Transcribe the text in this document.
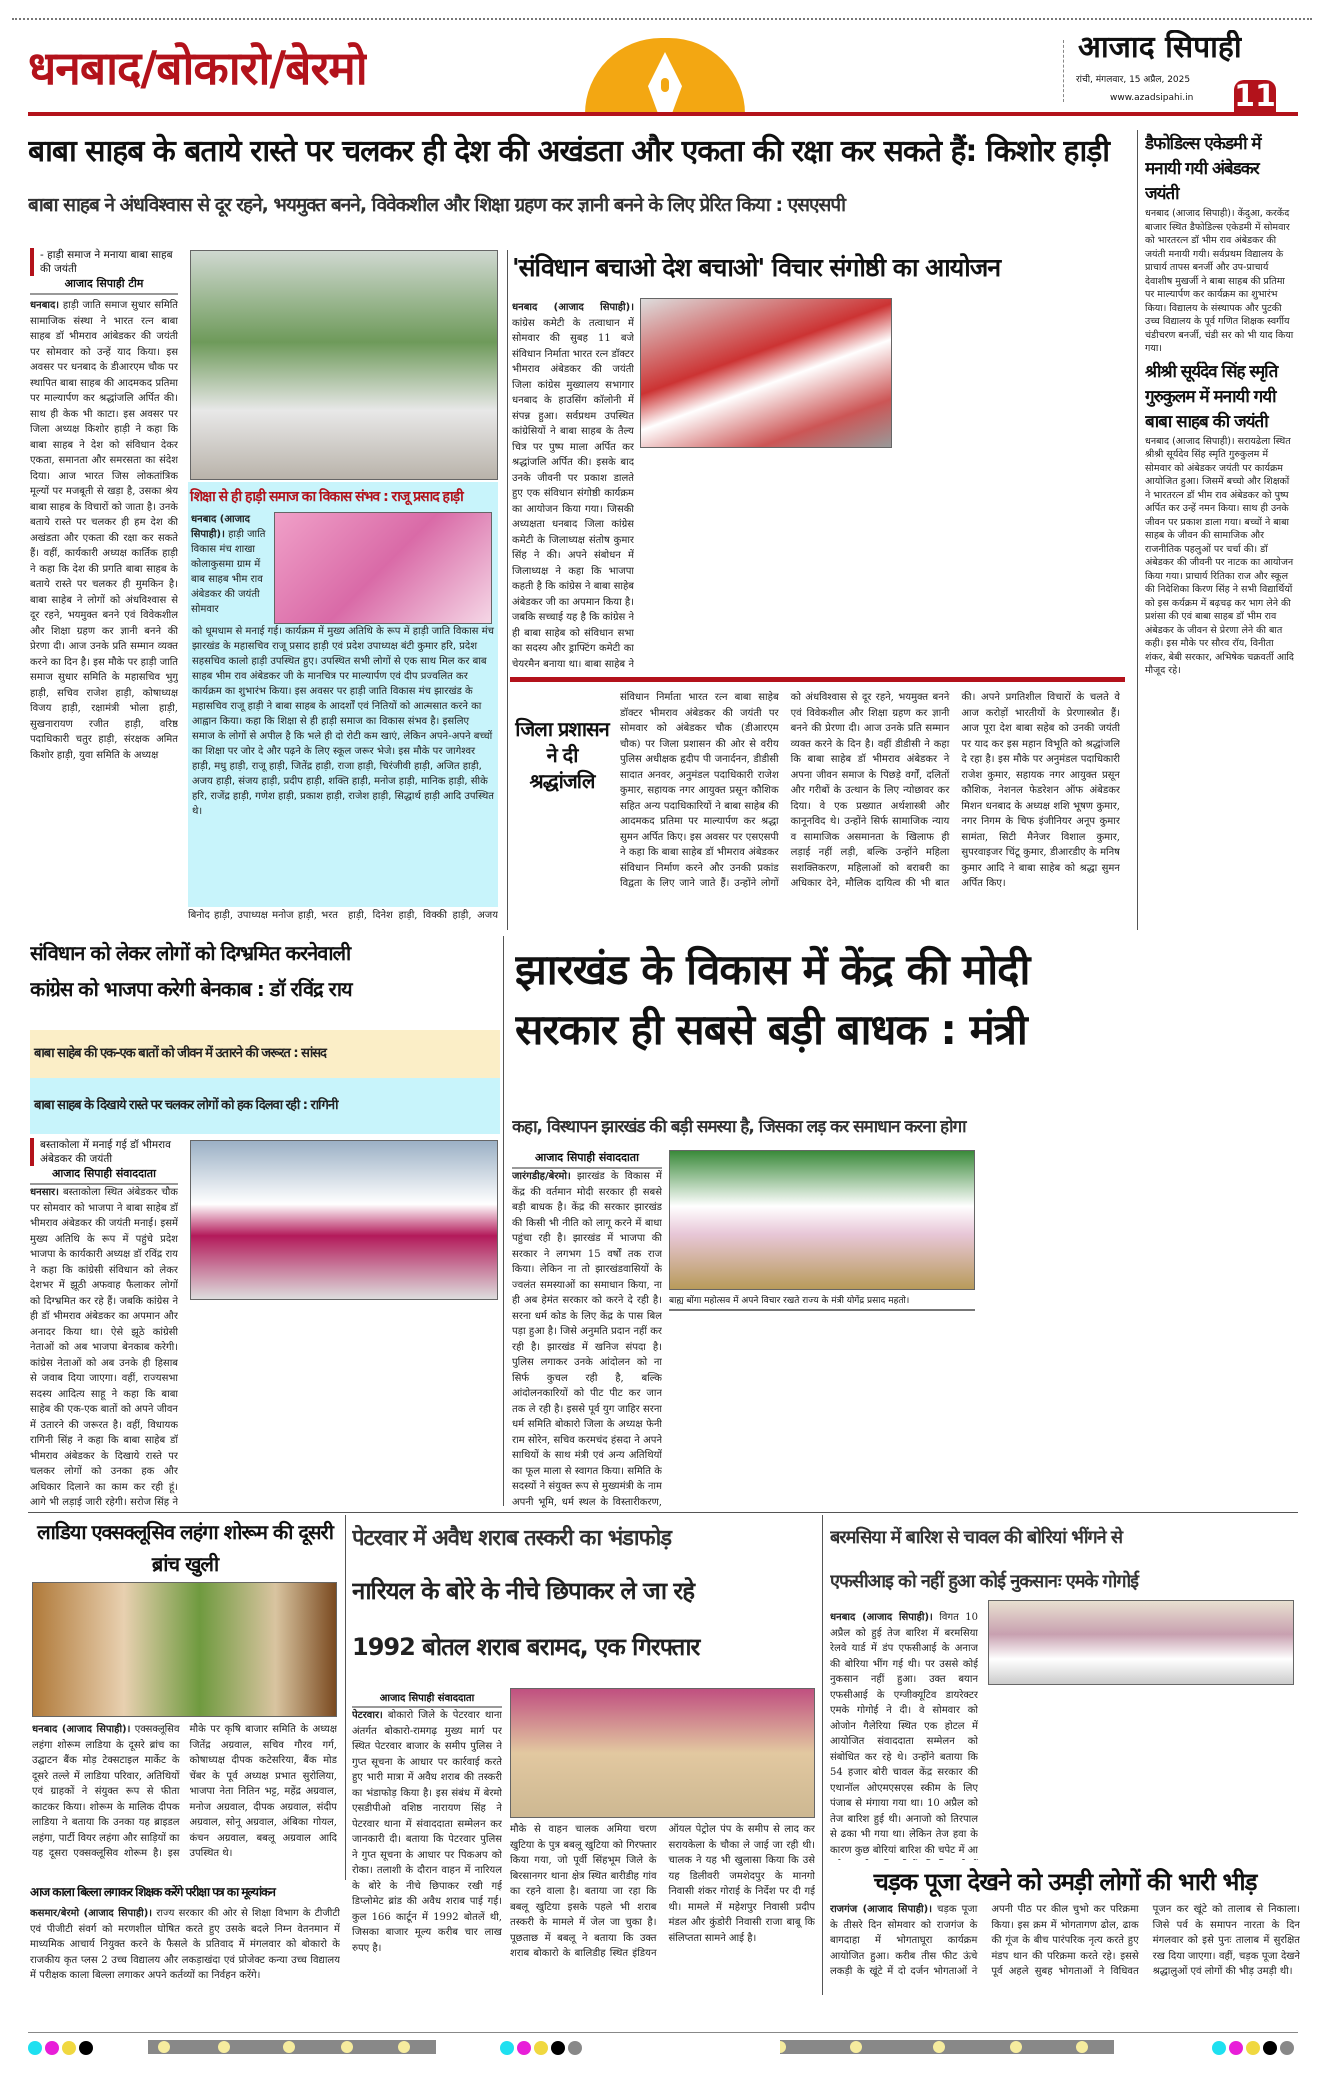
धनबाद/बोकारो/बेरमो	आजाद सिपाही
रांची, मंगलवार, 15 अप्रैल, 2025
www.azadsipahi.in 11
बाबा साहब के बताये रास्ते पर चलकर ही देश की अखंडता और एकता की रक्षा कर सकते हैं: किशोर हाड़ी
बाबा साहब ने अंधविश्वास से दूर रहने, भयमुक्त बनने, विवेकशील और शिक्षा ग्रहण कर ज्ञानी बनने के लिए प्रेरित किया : एसएसपी
- हाड़ी समाज ने मनाया बाबा साहब की जयंती
आजाद सिपाही टीम
धनबाद। हाड़ी जाति समाज सुधार समिति सामाजिक संस्था ने भारत रत्न बाबा साहब डॉ भीमराव आंबेडकर की जयंती पर सोमवार को उन्हें याद किया। इस अवसर पर धनबाद के डीआरएम चौक पर स्थापित बाबा साहब की आदमकद प्रतिमा पर माल्यार्पण कर श्रद्धांजलि अर्पित की। साथ ही केक भी काटा। इस अवसर पर जिला अध्यक्ष किशोर हाड़ी ने कहा कि बाबा साहब ने देश को संविधान देकर एकता, समानता और समरसता का संदेश दिया। आज भारत जिस लोकतांत्रिक मूल्यों पर मजबूती से खड़ा है, उसका श्रेय बाबा साहब के विचारों को जाता है। उनके बताये रास्ते पर चलकर ही हम देश की अखंडता और एकता की रक्षा कर सकते हैं। वहीं, कार्यकारी अध्यक्ष कार्तिक हाड़ी ने कहा कि देश की प्रगति बाबा साहब के बताये रास्ते पर चलकर ही मुमकिन है। बाबा साहेब ने लोगों को अंधविश्वास से दूर रहने, भयमुक्त बनने एवं विवेकशील और शिक्षा ग्रहण कर ज्ञानी बनने की प्रेरणा दी। आज उनके प्रति सम्मान व्यक्त करने का दिन है। इस मौके पर हाड़ी जाति समाज सुधार समिति के महासचिव भुगु हाड़ी, सचिव राजेश हाड़ी, कोषाध्यक्ष विजय हाड़ी, रक्षामंत्री भोला हाड़ी, सुखनारायण रजीत हाड़ी, वरिष्ठ पदाधिकारी चतुर हाड़ी, संरक्षक अमित किशोर हाड़ी, युवा समिति के अध्यक्ष
शिक्षा से ही हाड़ी समाज का विकास संभव : राजू प्रसाद हाड़ी
धनबाद (आजाद सिपाही)। हाड़ी जाति विकास मंच शाखा कोलाकुसमा ग्राम में बाब साहब भीम राव अंबेडकर की जयंती सोमवार
को धूमधाम से मनाई गई। कार्यक्रम में मुख्य अतिथि के रूप में हाड़ी जाति विकास मंच झारखंड के महासचिव राजू प्रसाद हाड़ी एवं प्रदेश उपाध्यक्ष बंटी कुमार हरि, प्रदेश सहसचिव कालो हाड़ी उपस्थित हुए। उपस्थित सभी लोगों से एक साथ मिल कर बाब साहब भीम राव अंबेडकर जी के मानचित्र पर माल्यार्पण एवं दीप प्रज्वलित कर कार्यक्रम का शुभारंभ किया। इस अवसर पर हाड़ी जाति विकास मंच झारखंड के महासचिव राजू हाड़ी ने बाबा साहब के आदर्शों एवं नितियों को आत्मसात करने का आह्वान किया। कहा कि शिक्षा से ही हाड़ी समाज का विकास संभव है। इसलिए समाज के लोगों से अपील है कि भले ही दो रोटी कम खाएं, लेकिन अपने-अपने बच्चों का शिक्षा पर जोर दे और पढ़ने के लिए स्कूल जरूर भेजे। इस मौके पर जागेश्वर हाड़ी, मधु हाड़ी, राजू हाड़ी, जितेंद्र हाड़ी, राजा हाड़ी, चिरंजीवी हाड़ी, अजित हाड़ी, अजय हाड़ी, संजय हाड़ी, प्रदीप हाड़ी, शक्ति हाड़ी, मनोज हाड़ी, मानिक हाड़ी, सीके हरि, राजेंद्र हाड़ी, गणेश हाड़ी, प्रकाश हाड़ी, राजेश हाड़ी, सिद्धार्थ हाड़ी आदि उपस्थित थे।
बिनोद हाड़ी, उपाध्यक्ष मनोज हाड़ी, भरत हाड़ी, दिनेश हाड़ी, विक्की हाड़ी, अजय
'संविधान बचाओ देश बचाओ' विचार संगोष्ठी का आयोजन
धनबाद (आजाद सिपाही)। कांग्रेस कमेटी के तत्वाधान में सोमवार की सुबह 11 बजे संविधान निर्माता भारत रत्न डॉक्टर भीमराव अंबेडकर की जयंती जिला कांग्रेस मुख्यालय सभागार धनबाद के हाउसिंग कॉलोनी में संपन्न हुआ। सर्वप्रथम उपस्थित कांग्रेसियों ने बाबा साहब के तैल्य चित्र पर पुष्प माला अर्पित कर श्रद्धांजलि अर्पित की। इसके बाद उनके जीवनी पर प्रकाश डालते हुए एक संविधान संगोष्ठी कार्यक्रम का आयोजन किया गया। जिसकी अध्यक्षता धनबाद जिला कांग्रेस कमेटी के जिलाध्यक्ष संतोष कुमार सिंह ने की। अपने संबोधन में जिलाध्यक्ष ने कहा कि भाजपा कहती है कि कांग्रेस ने बाबा साहेब अंबेडकर जी का अपमान किया है। जबकि सच्चाई यह है कि कांग्रेस ने ही बाबा साहेब को संविधान सभा का सदस्य और ड्राफ्टिंग कमेटी का चेयरमैन बनाया था। बाबा साहेब ने
जिला प्रशासन ने दी श्रद्धांजलि
संविधान निर्माता भारत रत्न बाबा साहेब डॉक्टर भीमराव अंबेडकर की जयंती पर सोमवार को अंबेडकर चौक (डीआरएम चौक) पर जिला प्रशासन की ओर से वरीय पुलिस अधीक्षक हृदीप पी जनार्दनन, डीडीसी सादात अनवर, अनुमंडल पदाधिकारी राजेश कुमार, सहायक नगर आयुक्त प्रसून कौशिक सहित अन्य पदाधिकारियों ने बाबा साहेब की आदमकद प्रतिमा पर माल्यार्पण कर श्रद्धा सुमन अर्पित किए। इस अवसर पर एसएसपी ने कहा कि बाबा साहेब डॉ भीमराव अंबेडकर संविधान निर्माण करने और उनकी प्रकांड विद्वता के लिए जाने जाते हैं। उन्होंने लोगों को अंधविश्वास से दूर रहने, भयमुक्त बनने एवं विवेकशील और शिक्षा ग्रहण कर ज्ञानी बनने की प्रेरणा दी। आज उनके प्रति सम्मान व्यक्त करने के दिन है। वहीं डीडीसी ने कहा कि बाबा साहेब डॉ भीमराव अंबेडकर ने अपना जीवन समाज के पिछड़े वर्गों, दलितों और गरीबों के उत्थान के लिए न्योछावर कर दिया। वे एक प्रख्यात अर्थशास्त्री और कानूनविद थे। उन्होंने सिर्फ सामाजिक न्याय व सामाजिक असमानता के खिलाफ ही लड़ाई नहीं लड़ी, बल्कि उन्होंने महिला सशक्तिकरण, महिलाओं को बराबरी का अधिकार देने, मौलिक दायित्व की भी बात की। अपने प्रगतिशील विचारों के चलते वे आज करोड़ों भारतीयों के प्रेरणास्त्रोत हैं। आज पूरा देश बाबा सहेब को उनकी जयंती पर याद कर इस महान विभूति को श्रद्धांजलि दे रहा है। इस मौके पर अनुमंडल पदाधिकारी राजेश कुमार, सहायक नगर आयुक्त प्रसून कौशिक, नेशनल फेडरेशन ऑफ अंबेडकर मिशन धनबाद के अध्यक्ष शशि भूषण कुमार, नगर निगम के चिफ इंजीनियर अनूप कुमार सामंता, सिटी मैनेजर विशाल कुमार, सुपरवाइजर चिंटू कुमार, डीआरडीए के मनिष कुमार आदि ने बाबा साहेब को श्रद्धा सुमन अर्पित किए।
डैफोडिल्स एकेडमी में मनायी गयी अंबेडकर जयंती
धनबाद (आजाद सिपाही)। केंदुआ, करकेंद बाजार स्थित डैफोडिल्स एकेडमी में सोमवार को भारतरत्न डॉ भीम राव अंबेडकर की जयंती मनायी गयी। सर्वप्रथम विद्यालय के प्राचार्य तापस बनर्जी और उप-प्राचार्य देवाशीष मुखर्जी ने बाबा साहब की प्रतिमा पर माल्यार्पण कर कार्यक्रम का शुभारंभ किया। विद्यालय के संस्थापक और पुटकी उच्च विद्यालय के पूर्व गणित शिक्षक स्वर्गीय चंडीचरण बनर्जी, चंडी सर को भी याद किया गया।
श्रीश्री सूर्यदेव सिंह स्मृति गुरुकुलम में मनायी गयी बाबा साहब की जयंती
धनबाद (आजाद सिपाही)। सरायढेला स्थित श्रीश्री सूर्यदेव सिंह स्मृति गुरुकुलम में सोमवार को अंबेडकर जयंती पर कार्यक्रम आयोजित हुआ। जिसमें बच्चो और शिक्षकों ने भारतरत्न डॉ भीम राव अंबेडकर को पुष्प अर्पित कर उन्हें नमन किया। साथ ही उनके जीवन पर प्रकाश डाला गया। बच्चों ने बाबा साहब के जीवन की सामाजिक और राजनीतिक पहलुओं पर चर्चा की। डॉ अंबेडकर की जीवनी पर नाटक का आयोजन किया गया। प्राचार्य रितिका राज और स्कूल की निदेशिका किरण सिंह ने सभी विद्यार्थियों को इस कर्यक्रम में बढ़चढ़ कर भाग लेने की प्रशंसा की एवं बाबा साहब डॉ भीम राव अंबेडकर के जीवन से प्रेरणा लेने की बात कही। इस मौके पर सौरव रॉय, विनीता शंकर, बेबी सरकार, अभिषेक चक्रवर्ती आदि मौजूद रहे।
संविधान को लेकर लोगों को दिग्भ्रमित करनेवाली
कांग्रेस को भाजपा करेगी बेनकाब : डॉ रविंद्र राय
बाबा साहेब की एक-एक बातों को जीवन में उतारने की जरूरत : सांसद
बाबा साहब के दिखाये रास्ते पर चलकर लोगों को हक दिलवा रही : रागिनी
बस्ताकोला में मनाई गई डॉ भीमराव अंबेडकर की जयंती
आजाद सिपाही संवाददाता
धनसार। बस्ताकोला स्थित अंबेडकर चौक पर सोमवार को भाजपा ने बाबा साहेब डॉ भीमराव अंबेडकर की जयंती मनाई। इसमें मुख्य अतिथि के रूप में पहुंचे प्रदेश भाजपा के कार्यकारी अध्यक्ष डॉ रविंद्र राय ने कहा कि कांग्रेसी संविधान को लेकर देशभर में झूठी अफवाह फैलाकर लोगों को दिग्भ्रमित कर रहे हैं। जबकि कांग्रेस ने ही डॉ भीमराव अंबेडकर का अपमान और अनादर किया था। ऐसे झूठे कांग्रेसी नेताओं को अब भाजपा बेनकाब करेगी। कांग्रेस नेताओं को अब उनके ही हिसाब से जवाब दिया जाएगा। वहीं, राज्यसभा सदस्य आदित्य साहू ने कहा कि बाबा साहेब की एक-एक बातों को अपने जीवन में उतारने की जरूरत है। वहीं, विधायक रागिनी सिंह ने कहा कि बाबा साहेब डॉ भीमराव अंबेडकर के दिखाये रास्ते पर चलकर लोगों को उनका हक और अधिकार दिलाने का काम कर रही हूं। आगे भी लड़ाई जारी रहेगी। सरोज सिंह ने
झारखंड के विकास में केंद्र की मोदी
सरकार ही सबसे बड़ी बाधक : मंत्री
कहा, विस्थापन झारखंड की बड़ी समस्या है, जिसका लड़ कर समाधान करना होगा
आजाद सिपाही संवाददाता
जारंगडीह/बेरमो। झारखंड के विकास में केंद्र की वर्तमान मोदी सरकार ही सबसे बड़ी बाधक है। केंद्र की सरकार झारखंड की किसी भी नीति को लागू करने में बाधा पहुंचा रही है। झारखंड में भाजपा की सरकार ने लगभग 15 वर्षों तक राज किया। लेकिन ना तो झारखंडवासियों के ज्वलंत समस्याओं का समाधान किया, ना ही अब हेमंत सरकार को करने दे रही है। सरना धर्म कोड के लिए केंद्र के पास बिल पड़ा हुआ है। जिसे अनुमति प्रदान नहीं कर रही है। झारखंड में खनिज संपदा है। पुलिस लगाकर उनके आंदोलन को ना सिर्फ कुचल रही है, बल्कि आंदोलनकारियों को पीट पीट कर जान तक ले रही है। इससे पूर्व युग जाहिर सरना धर्म समिति बोकारो जिला के अध्यक्ष फेनी राम सोरेन, सचिव करमचंद हंसदा ने अपने साथियों के साथ मंत्री एवं अन्य अतिथियों का फूल माला से स्वागत किया। समिति के सदस्यों ने संयुक्त रूप से मुख्यमंत्री के नाम अपनी भूमि, धर्म स्थल के विस्तारीकरण,
बाह्य बोंगा महोत्सव में अपने विचार रखते राज्य के मंत्री योगेंद्र प्रसाद महतो।
लाडिया एक्सक्लूसिव लहंगा शोरूम की दूसरी ब्रांच खुली
पेटरवार में अवैध शराब तस्करी का भंडाफोड़
नारियल के बोरे के नीचे छिपाकर ले जा रहे
1992 बोतल शराब बरामद, एक गिरफ्तार
बरमसिया में बारिश से चावल की बोरियां भींगने से
एफसीआइ को नहीं हुआ कोई नुकसानः एमके गोगोई
धनबाद (आजाद सिपाही)। एक्सक्लूसिव लहंगा शोरूम लाडिया के दूसरे ब्रांच का उद्घाटन बैंक मोड़ टेक्सटाइल मार्केट के दूसरे तल्ले में लाडिया परिवार, अतिथियों एवं ग्राहकों ने संयुक्त रूप से फीता काटकर किया। शोरूम के मालिक दीपक लाडिया ने बताया कि उनका यह ब्राइडल लहंगा, पार्टी वियर लहंगा और साड़ियों का यह दूसरा एक्सक्लूसिव शोरूम है। इस मौके पर कृषि बाजार समिति के अध्यक्ष जितेंद्र अग्रवाल, सचिव गौरव गर्ग, कोषाध्यक्ष दीपक कटेसरिया, बैंक मोड चेंबर के पूर्व अध्यक्ष प्रभात सुरोलिया, भाजपा नेता नितिन भट्ट, महेंद्र अग्रवाल, मनोज अग्रवाल, दीपक अग्रवाल, संदीप अग्रवाल, सोनू अग्रवाल, अंबिका गोयल, कंचन अग्रवाल, बबलू अग्रवाल आदि उपस्थित थे।
आज काला बिल्ला लगाकर शिक्षक करेंगे परीक्षा पत्र का मूल्यांकन
कसमार/बेरमो (आजाद सिपाही)। राज्य सरकार की ओर से शिक्षा विभाग के टीजीटी एवं पीजीटी संवर्ग को मरणशील घोषित करते हुए उसके बदले निम्न वेतनमान में माध्यमिक आचार्य नियुक्त करने के फैसले के प्रतिवाद में मंगलवार को बोकारो के राजकीय कृत प्लस 2 उच्च विद्यालय और लकड़ाखंदा एवं प्रोजेक्ट कन्या उच्च विद्यालय में परीक्षक काला बिल्ला लगाकर अपने कर्तव्यों का निर्वहन करेंगे।
आजाद सिपाही संवाददाता
पेटरवार। बोकारो जिले के पेटरवार थाना अंतर्गत बोकारो-रामगढ़ मुख्य मार्ग पर स्थित पेटरवार बाजार के समीप पुलिस ने गुप्त सूचना के आधार पर कार्रवाई करते हुए भारी मात्रा में अवैध शराब की तस्करी का भंडाफोड़ किया है। इस संबंध में बेरमो एसडीपीओ वशिष्ठ नारायण सिंह ने पेटरवार थाना में संवाददाता सम्मेलन कर जानकारी दी। बताया कि पेटरवार पुलिस ने गुप्त सूचना के आधार पर पिकअप को रोका। तलाशी के दौरान वाहन में नारियल के बोरे के नीचे छिपाकर रखी गई डिप्लोमेट ब्रांड की अवैध शराब पाई गई। कुल 166 कार्टून में 1992 बोतलें थी, जिसका बाजार मूल्य करीब चार लाख रुपए है।
मौके से वाहन चालक अमिया चरण खुटिया के पुत्र बबलू खुटिया को गिरफ्तार किया गया, जो पूर्वी सिंहभूम जिले के बिरसानगर थाना क्षेत्र स्थित बारीडीह गांव का रहने वाला है। बताया जा रहा कि बबलू खुटिया इसके पहले भी शराब तस्करी के मामले में जेल जा चुका है। पूछताछ में बबलू ने बताया कि उक्त शराब बोकारो के बालिडीह स्थित इंडियन ऑयल पेट्रोल पंप के समीप से लाद कर सरायकेला के चौका ले जाई जा रही थी। चालक ने यह भी खुलासा किया कि उसे यह डिलीवरी जमशेदपुर के मानगो निवासी शंकर गोराई के निर्देश पर दी गई थी। मामले में महेशपुर निवासी प्रदीप मंडल और कुंडोरी निवासी राजा बाबू कि संलिप्तता सामने आई है।
धनबाद (आजाद सिपाही)। विगत 10 अप्रैल को हुई तेज बारिश में बरमसिया रेलवे यार्ड में डंप एफसीआई के अनाज की बोरिया भींग गई थी। पर उससे कोई नुकसान नहीं हुआ। उक्त बयान एफसीआई के एग्जीक्यूटिव डायरेक्टर एमके गोगोई ने दी। वे सोमवार को ओजोन गैलेरिया स्थित एक होटल में आयोजित संवाददाता सम्मेलन को संबोधित कर रहे थे। उन्होंने बताया कि 54 हजार बोरी चावल केंद्र सरकार की एथानॉल ओएमएसएस स्कीम के लिए पंजाब से मंगाया गया था। 10 अप्रैल को तेज बारिश हुई थी। अनाजो को तिरपाल से ढका भी गया था। लेकिन तेज हवा के कारण कुछ बोरियां बारिश की चपेट में आ
चड़क पूजा देखने को उमड़ी लोगों की भारी भीड़
राजगंज (आजाद सिपाही)। चड़क पूजा के तीसरे दिन सोमवार को राजगंज के बागदाहा में भोगताघूरा कार्यक्रम आयोजित हुआ। करीब तीस फीट ऊंचे लकड़ी के खूंटे में दो दर्जन भोगताओं ने अपनी पीठ पर कील चुभो कर परिक्रमा किया। इस क्रम में भोगतागण ढोल, ढाक की गूंज के बीच पारंपरिक नृत्य करते हुए मंडप थान की परिक्रमा करते रहे। इससे पूर्व अहले सुबह भोगताओं ने विधिवत पूजन कर खूंटे को तालाब से निकाला। जिसे पर्व के समापन नारता के दिन मंगलवार को इसे पुनः तालाब में सुरक्षित रख दिया जाएगा। वहीं, चड़क पूजा देखने श्रद्धालुओं एवं लोगों की भीड़ उमड़ी थी।
